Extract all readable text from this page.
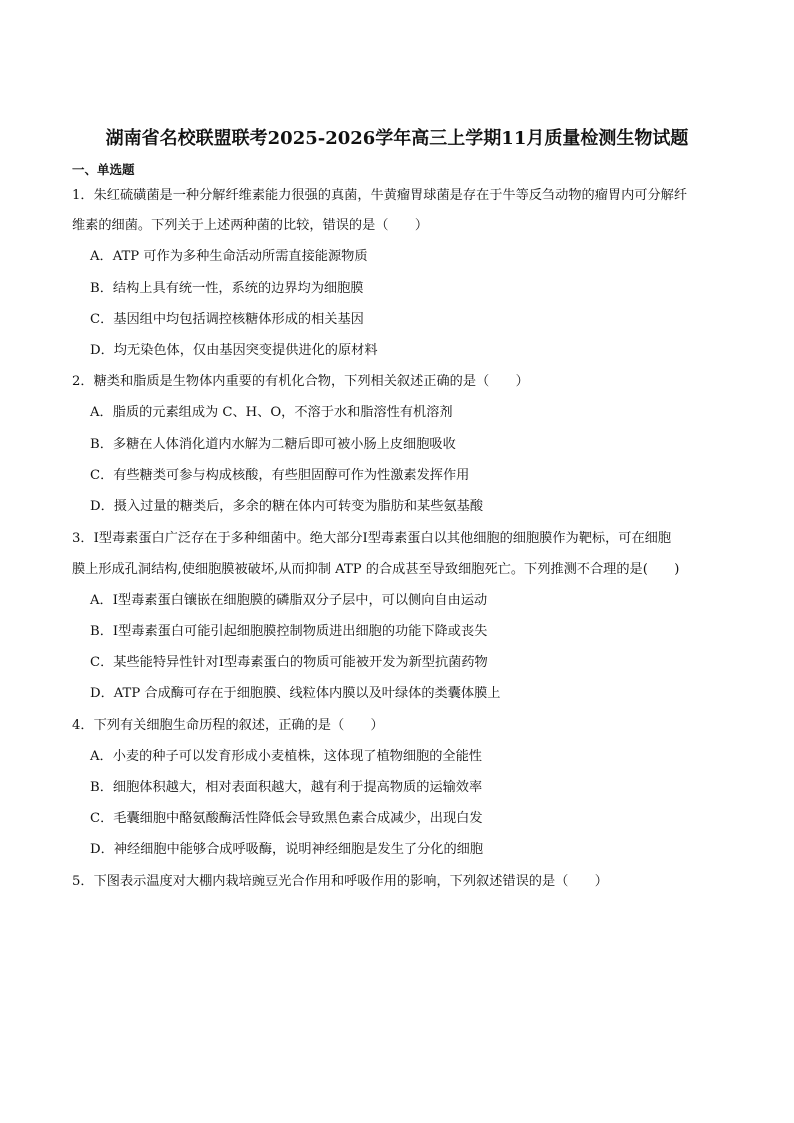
湖南省名校联盟联考2025-2026学年高三上学期11月质量检测生物试题
一、单选题
1．朱红硫磺菌是一种分解纤维素能力很强的真菌，牛黄瘤胃球菌是存在于牛等反刍动物的瘤胃内可分解纤
维素的细菌。下列关于上述两种菌的比较，错误的是（　　）
A．ATP 可作为多种生命活动所需直接能源物质
B．结构上具有统一性，系统的边界均为细胞膜
C．基因组中均包括调控核糖体形成的相关基因
D．均无染色体，仅由基因突变提供进化的原材料
2．糖类和脂质是生物体内重要的有机化合物，下列相关叙述正确的是（　　）
A．脂质的元素组成为 C、H、O，不溶于水和脂溶性有机溶剂
B．多糖在人体消化道内水解为二糖后即可被小肠上皮细胞吸收
C．有些糖类可参与构成核酸，有些胆固醇可作为性激素发挥作用
D．摄入过量的糖类后，多余的糖在体内可转变为脂肪和某些氨基酸
3．Ⅰ型毒素蛋白广泛存在于多种细菌中。绝大部分Ⅰ型毒素蛋白以其他细胞的细胞膜作为靶标，可在细胞
膜上形成孔洞结构,使细胞膜被破坏,从而抑制 ATP 的合成甚至导致细胞死亡。下列推测不合理的是(　　)
A．Ⅰ型毒素蛋白镶嵌在细胞膜的磷脂双分子层中，可以侧向自由运动
B．Ⅰ型毒素蛋白可能引起细胞膜控制物质进出细胞的功能下降或丧失
C．某些能特异性针对Ⅰ型毒素蛋白的物质可能被开发为新型抗菌药物
D．ATP 合成酶可存在于细胞膜、线粒体内膜以及叶绿体的类囊体膜上
4．下列有关细胞生命历程的叙述，正确的是（　　）
A．小麦的种子可以发育形成小麦植株，这体现了植物细胞的全能性
B．细胞体积越大，相对表面积越大，越有利于提高物质的运输效率
C．毛囊细胞中酪氨酸酶活性降低会导致黑色素合成减少，出现白发
D．神经细胞中能够合成呼吸酶，说明神经细胞是发生了分化的细胞
5．下图表示温度对大棚内栽培豌豆光合作用和呼吸作用的影响，下列叙述错误的是（　　）
